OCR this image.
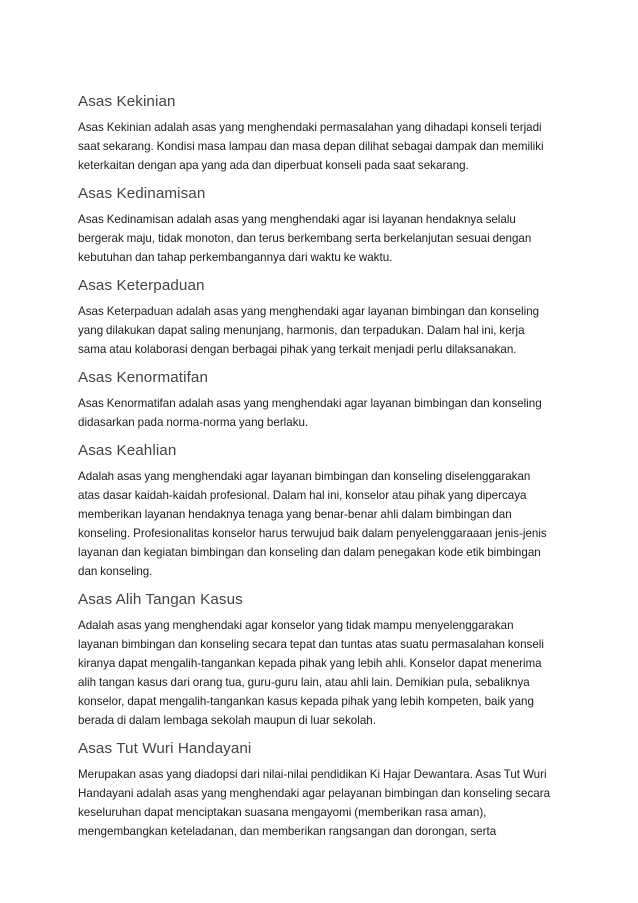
Asas Kekinian

Asas Kekinian adalah asas yang menghendaki permasalahan yang dihadapi konseli terjadi
saat sekarang. Kondisi masa lampau dan masa depan dilihat sebagai dampak dan memiliki
keterkaitan dengan apa yang ada dan diperbuat konseli pada saat sekarang.

Asas Kedinamisan

Asas Kedinamisan adalah asas yang menghendaki agar isi layanan hendaknya selalu
bergerak maju, tidak monoton, dan terus berkembang serta berkelanjutan sesuai dengan
kebutuhan dan tahap perkembangannya dari waktu ke waktu.

Asas Keterpaduan

Asas Keterpaduan adalah asas yang menghendaki agar layanan bimbingan dan konseling
yang dilakukan dapat saling menunjang, harmonis, dan terpadukan. Dalam hal ini, kerja
sama atau kolaborasi dengan berbagai pihak yang terkait menjadi perlu dilaksanakan.

Asas Kenormatifan

Asas Kenormatifan adalah asas yang menghendaki agar layanan bimbingan dan konseling
didasarkan pada norma-norma yang berlaku.

Asas Keahlian

Adalah asas yang menghendaki agar layanan bimbingan dan konseling diselenggarakan
atas dasar kaidah-kaidah profesional. Dalam hal ini, konselor atau pihak yang dipercaya
memberikan layanan hendaknya tenaga yang benar-benar ahli dalam bimbingan dan
konseling. Profesionalitas konselor harus terwujud baik dalam penyelenggaraaan jenis-jenis
layanan dan kegiatan bimbingan dan konseling dan dalam penegakan kode etik bimbingan
dan konseling.

Asas Alih Tangan Kasus

Adalah asas yang menghendaki agar konselor yang tidak mampu menyelenggarakan
layanan bimbingan dan konseling secara tepat dan tuntas atas suatu permasalahan konseli
kiranya dapat mengalih-tangankan kepada pihak yang lebih ahli. Konselor dapat menerima
alih tangan kasus dari orang tua, guru-guru lain, atau ahli lain. Demikian pula, sebaliknya
konselor, dapat mengalih-tangankan kasus kepada pihak yang lebih kompeten, baik yang
berada di dalam lembaga sekolah maupun di luar sekolah.

Asas Tut Wuri Handayani

Merupakan asas yang diadopsi dari nilai-nilai pendidikan Ki Hajar Dewantara. Asas Tut Wuri
Handayani adalah asas yang menghendaki agar pelayanan bimbingan dan konseling secara
keseluruhan dapat menciptakan suasana mengayomi (memberikan rasa aman),
mengembangkan keteladanan, dan memberikan rangsangan dan dorongan, serta
